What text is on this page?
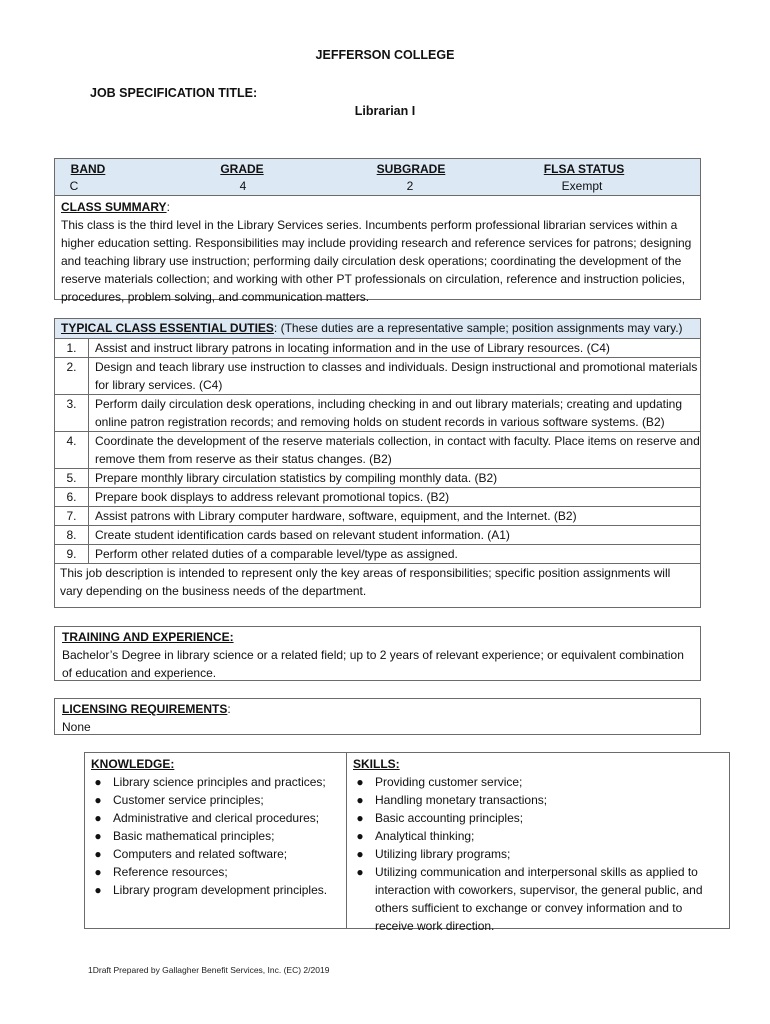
JEFFERSON COLLEGE
JOB SPECIFICATION TITLE:
Librarian I
BAND	GRADE	SUBGRADE	FLSA STATUS
C	4	2	Exempt
CLASS SUMMARY:
This class is the third level in the Library Services series. Incumbents perform professional librarian services within a higher education setting. Responsibilities may include providing research and reference services for patrons; designing and teaching library use instruction; performing daily circulation desk operations; coordinating the development of the reserve materials collection; and working with other PT professionals on circulation, reference and instruction policies, procedures, problem solving, and communication matters.
TYPICAL CLASS ESSENTIAL DUTIES: (These duties are a representative sample; position assignments may vary.)
1.	Assist and instruct library patrons in locating information and in the use of Library resources. (C4)
2.	Design and teach library use instruction to classes and individuals. Design instructional and promotional materials for library services. (C4)
3.	Perform daily circulation desk operations, including checking in and out library materials; creating and updating online patron registration records; and removing holds on student records in various software systems. (B2)
4.	Coordinate the development of the reserve materials collection, in contact with faculty. Place items on reserve and remove them from reserve as their status changes. (B2)
5.	Prepare monthly library circulation statistics by compiling monthly data. (B2)
6.	Prepare book displays to address relevant promotional topics. (B2)
7.	Assist patrons with Library computer hardware, software, equipment, and the Internet. (B2)
8.	Create student identification cards based on relevant student information. (A1)
9.	Perform other related duties of a comparable level/type as assigned.
This job description is intended to represent only the key areas of responsibilities; specific position assignments will vary depending on the business needs of the department.
TRAINING AND EXPERIENCE:
Bachelor’s Degree in library science or a related field; up to 2 years of relevant experience; or equivalent combination of education and experience.
LICENSING REQUIREMENTS:
None
KNOWLEDGE:
● Library science principles and practices;
● Customer service principles;
● Administrative and clerical procedures;
● Basic mathematical principles;
● Computers and related software;
● Reference resources;
● Library program development principles.
SKILLS:
● Providing customer service;
● Handling monetary transactions;
● Basic accounting principles;
● Analytical thinking;
● Utilizing library programs;
● Utilizing communication and interpersonal skills as applied to interaction with coworkers, supervisor, the general public, and others sufficient to exchange or convey information and to receive work direction.
1Draft Prepared by Gallagher Benefit Services, Inc. (EC) 2/2019
